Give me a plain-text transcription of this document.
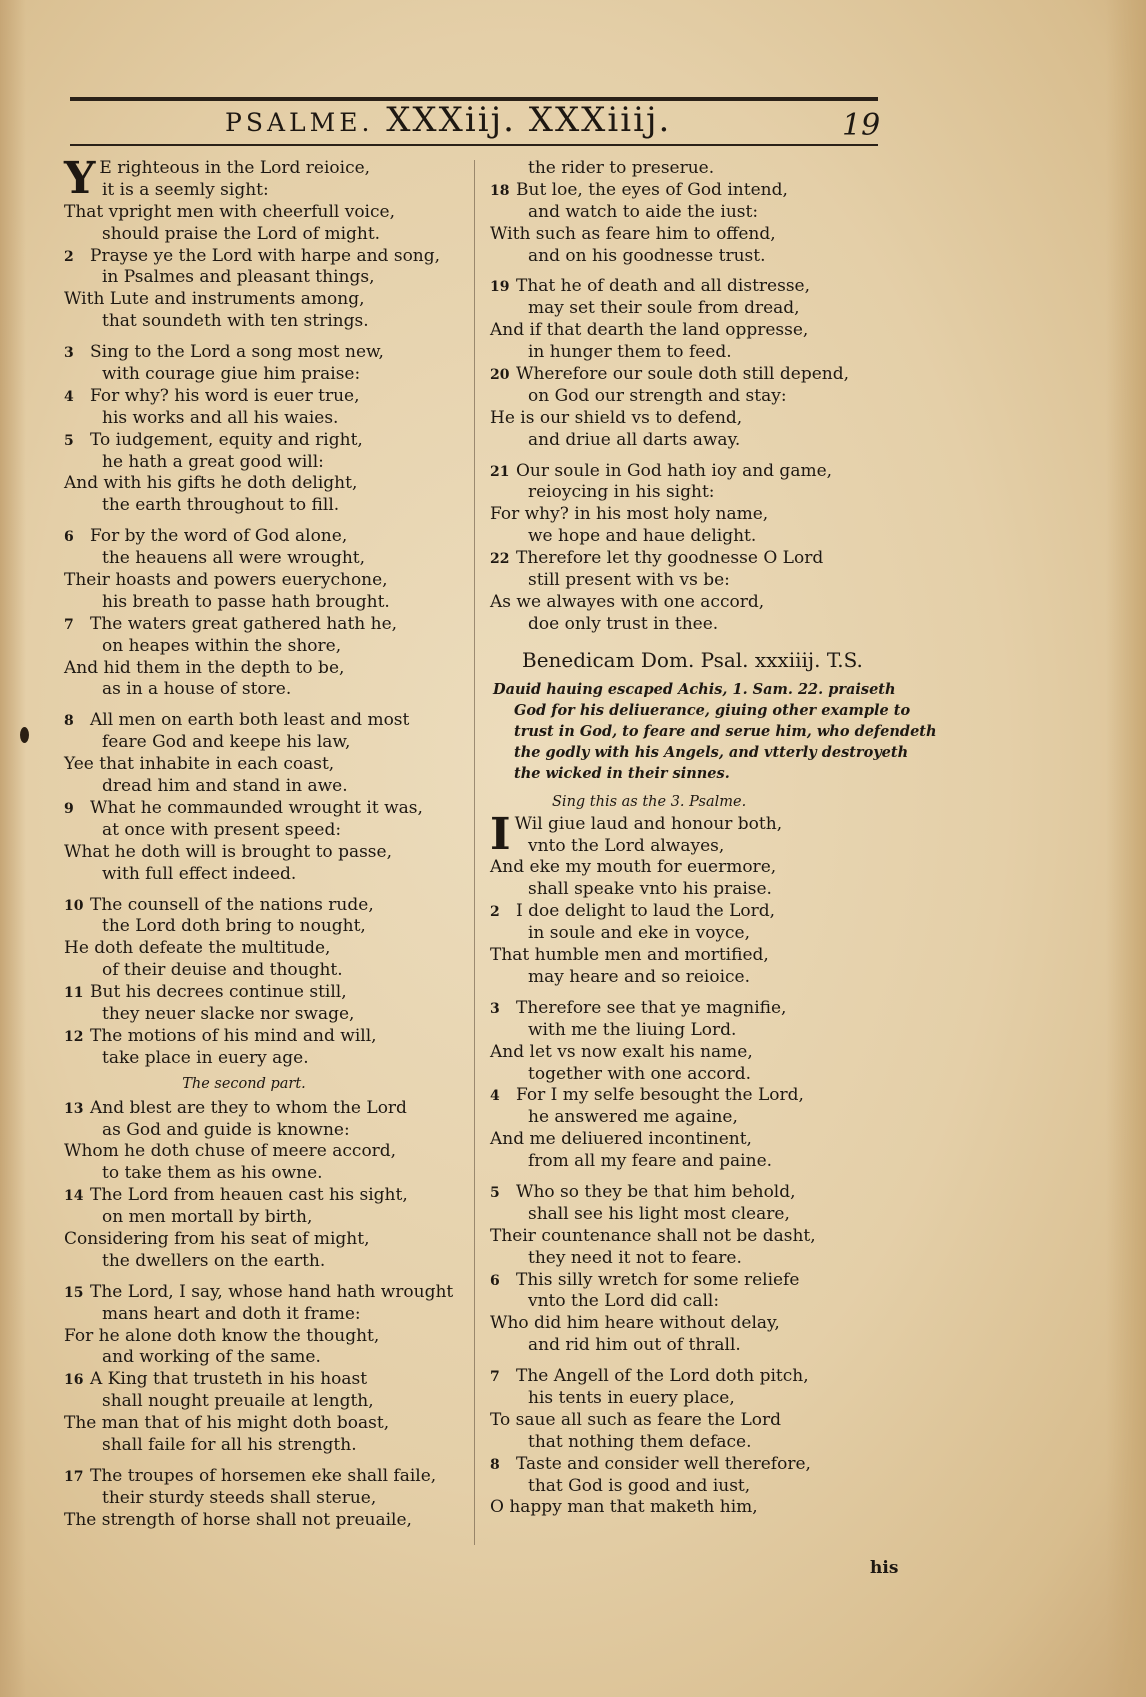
PSALME. XXXiij. XXXiiij.	19
Y E righteous in the Lord reioice,
it is a seemly sight:
That vpright men with cheerfull voice,
should praise the Lord of might.
2 Prayse ye the Lord with harpe and song,
in Psalmes and pleasant things,
With Lute and instruments among,
that soundeth with ten strings.
3 Sing to the Lord a song most new,
with courage giue him praise:
4 For why? his word is euer true,
his works and all his waies.
5 To iudgement, equity and right,
he hath a great good will:
And with his gifts he doth delight,
the earth throughout to fill.
6 For by the word of God alone,
the heauens all were wrought,
Their hoasts and powers euerychone,
his breath to passe hath brought.
7 The waters great gathered hath he,
on heapes within the shore,
And hid them in the depth to be,
as in a house of store.
8 All men on earth both least and most
feare God and keepe his law,
Yee that inhabite in each coast,
dread him and stand in awe.
9 What he commaunded wrought it was,
at once with present speed:
What he doth will is brought to passe,
with full effect indeed.
10 The counsell of the nations rude,
the Lord doth bring to nought,
He doth defeate the multitude,
of their deuise and thought.
11 But his decrees continue still,
they neuer slacke nor swage,
12 The motions of his mind and will,
take place in euery age.
The second part.
13 And blest are they to whom the Lord
as God and guide is knowne:
Whom he doth chuse of meere accord,
to take them as his owne.
14 The Lord from heauen cast his sight,
on men mortall by birth,
Considering from his seat of might,
the dwellers on the earth.
15 The Lord, I say, whose hand hath wrought
mans heart and doth it frame:
For he alone doth know the thought,
and working of the same.
16 A King that trusteth in his hoast
shall nought preuaile at length,
The man that of his might doth boast,
shall faile for all his strength.
17 The troupes of horsemen eke shall faile,
their sturdy steeds shall sterue,
The strength of horse shall not preuaile,
the rider to preserue.
18 But loe, the eyes of God intend,
and watch to aide the iust:
With such as feare him to offend,
and on his goodnesse trust.
19 That he of death and all distresse,
may set their soule from dread,
And if that dearth the land oppresse,
in hunger them to feed.
20 Wherefore our soule doth still depend,
on God our strength and stay:
He is our shield vs to defend,
and driue all darts away.
21 Our soule in God hath ioy and game,
reioycing in his sight:
For why? in his most holy name,
we hope and haue delight.
22 Therefore let thy goodnesse O Lord
still present with vs be:
As we alwayes with one accord,
doe only trust in thee.
Benedicam Dom. Psal. xxxiiij. T.S.
Dauid hauing escaped Achis, 1. Sam. 22. praiseth
God for his deliuerance, giuing other example to
trust in God, to feare and serue him, who defendeth
the godly with his Angels, and vtterly destroyeth
the wicked in their sinnes.
Sing this as the 3. Psalme.
I Wil giue laud and honour both,
vnto the Lord alwayes,
And eke my mouth for euermore,
shall speake vnto his praise.
2 I doe delight to laud the Lord,
in soule and eke in voyce,
That humble men and mortified,
may heare and so reioice.
3 Therefore see that ye magnifie,
with me the liuing Lord.
And let vs now exalt his name,
together with one accord.
4 For I my selfe besought the Lord,
he answered me againe,
And me deliuered incontinent,
from all my feare and paine.
5 Who so they be that him behold,
shall see his light most cleare,
Their countenance shall not be dasht,
they need it not to feare.
6 This silly wretch for some reliefe
vnto the Lord did call:
Who did him heare without delay,
and rid him out of thrall.
7 The Angell of the Lord doth pitch,
his tents in euery place,
To saue all such as feare the Lord
that nothing them deface.
8 Taste and consider well therefore,
that God is good and iust,
O happy man that maketh him,
his
